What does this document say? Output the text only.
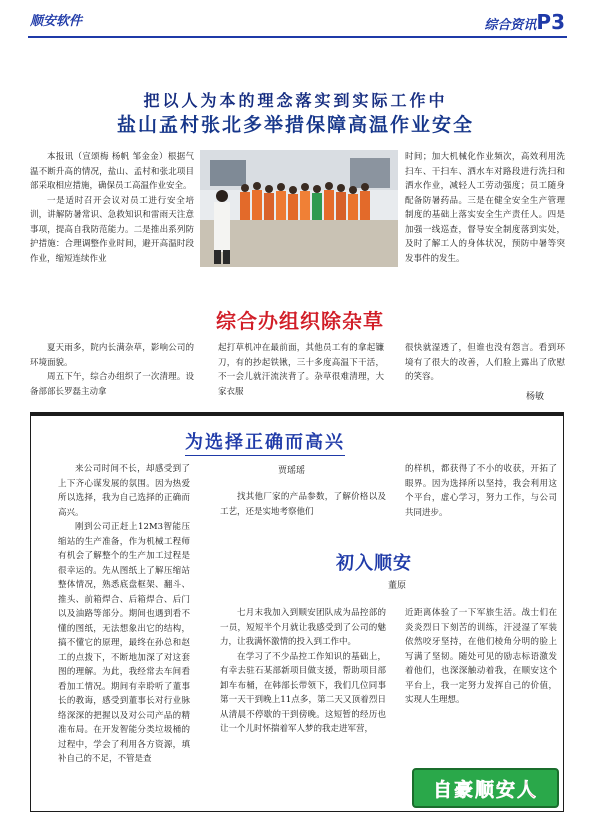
顺安软件	综合资讯P3
把以人为本的理念落实到实际工作中
盐山孟村张北多举措保障高温作业安全

本报讯（宣颂梅 杨帆 邹金金）根据气温不断升高的情况，盐山、孟村和张北项目部采取相应措施，确保员工高温作业安全。

一是适时召开会议对员工进行安全培训，讲解防暑常识、急救知识和雷雨天注意事项，提高自我防范能力。二是推出系列防护措施：合理调整作业时间，避开高温时段作业，缩短连续作业

时间；加大机械化作业频次，高效利用洗扫车、干扫车、洒水车对路段进行洗扫和洒水作业，减轻人工劳动强度；员工随身配备防暑药品。三是在健全安全生产管理制度的基础上落实安全生产责任人。四是加强一线巡查，督导安全制度落到实处，及时了解工人的身体状况，预防中暑等突发事件的发生。

综合办组织除杂草

夏天雨多，院内长满杂草，影响公司的环境面貌。

周五下午，综合办组织了一次清理。设备部部长罗磊主动拿

起打草机冲在最前面，其他员工有的拿起镰刀，有的抄起铁锹，三十多度高温下干活，不一会儿就汗流浃背了。杂草很难清理，大家衣服

很快就湿透了，但谁也没有怨言。看到环境有了很大的改善，人们脸上露出了欣慰的笑容。

杨敏
为选择正确而高兴

来公司时间不长，却感受到了上下齐心谋发展的氛围。因为热爱所以选择，我为自己选择的正确而高兴。

刚到公司正赶上12M3智能压缩站的生产准备，作为机械工程师有机会了解整个的生产加工过程是很幸运的。先从图纸上了解压缩站整体情况，熟悉底盘框架、翻斗、推头、前箱焊合、后箱焊合、后门以及油路等部分。期间也遇到看不懂的图纸，无法想象出它的结构，搞不懂它的原理，最终在孙总和赵工的点拨下，不断地加深了对这套图的理解。为此，我经常去车间看看加工情况。期间有幸聆听了董事长的教诲，感受到董事长对行业脉络深深的把握以及对公司产品的精准布局。在开发智能分类垃圾桶的过程中，学会了利用各方资源，填补自己的不足，不管是查

贾瑶瑶

找其他厂家的产品参数，了解价格以及工艺，还是实地考察他们

的样机，都获得了不小的收获，开拓了眼界。因为选择所以坚持，我会利用这个平台，虚心学习，努力工作，与公司共同进步。

初入顺安
董原

七月末我加入到顺安团队成为品控部的一员，短短半个月就让我感受到了公司的魅力，让我满怀激情的投入到工作中。

在学习了不少品控工作知识的基础上，有幸去驻石某部新项目做支援，帮助项目部卸车布桶，在韩部长带领下，我们几位同事第一天干到晚上11点多，第二天又顶着烈日从清晨不停歇的干到傍晚。这短暂的经历也让一个儿时怀揣着军人梦的我走进军营，

近距离体验了一下军旅生活。战士们在炎炎烈日下刻苦的训练，汗浸湿了军装依然咬牙坚持，在他们棱角分明的脸上写满了坚韧。随处可见的励志标语激发着他们，也深深触动着我，在顺安这个平台上，我一定努力发挥自己的价值，实现人生理想。

自豪顺安人
